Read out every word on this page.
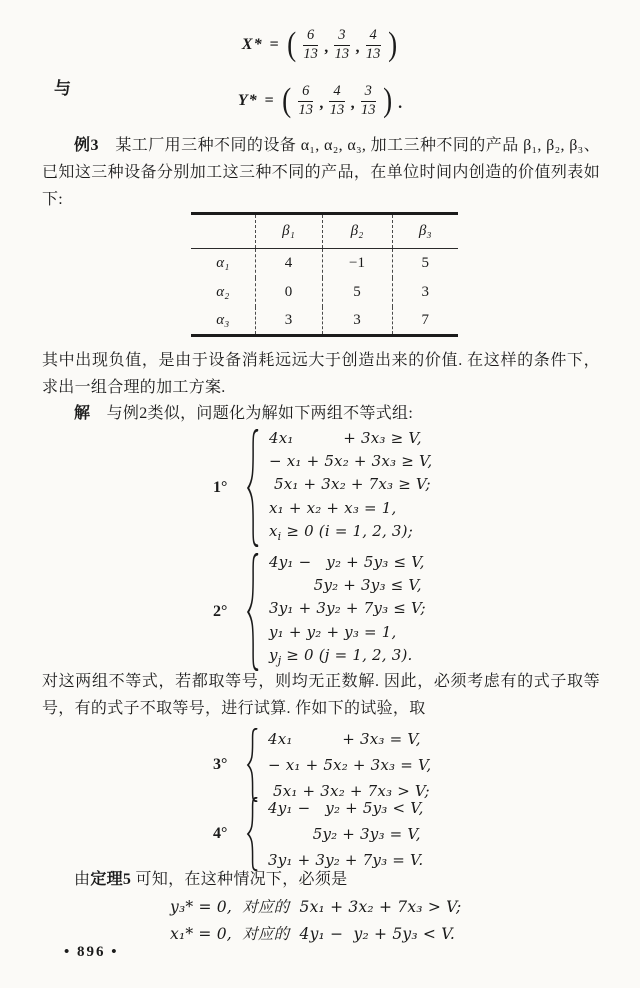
X* = ( $\frac{6}{13}$ , $\frac{3}{13}$ , $\frac{4}{13}$ )
与
Y* = ( $\frac{6}{13}$ , $\frac{4}{13}$ , $\frac{3}{13}$ ) .

例3　某工厂用三种不同的设备 α₁, α₂, α₃, 加工三种不同的产品 β₁, β₂, β₃、 已知这三种设备分别加工这三种不同的产品，在单位时间内创造的价值列表如下:

	β₁	β₂	β₃
α₁	4	−1	5
α₂	0	5	3
α₃	3	3	7

其中出现负值，是由于设备消耗远远大于创造出来的价值. 在这样的条件下，求出一组合理的加工方案.

解　与例2类似，问题化为解如下两组不等式组:

1°
4x₁          + 3x₃ ≥ V,
− x₁ + 5x₂ + 3x₃ ≥ V,
5x₁ + 3x₂ + 7x₃ ≥ V;
x₁ + x₂ + x₃ = 1,
$x_i \ge 0$ (i = 1, 2, 3);
2°
4y₁ −   y₂ + 5y₃ ≤ V,
5y₂ + 3y₃ ≤ V,
3y₁ + 3y₂ + 7y₃ ≤ V;
y₁ + y₂ + y₃ = 1,
$y_j \ge 0$ (j = 1, 2, 3).

对这两组不等式，若都取等号，则均无正数解. 因此，必须考虑有的式子取等号，有的式子不取等号，进行试算. 作如下的试验，取

3°
4x₁          + 3x₃ = V,
− x₁ + 5x₂ + 3x₃ = V,
5x₁ + 3x₂ + 7x₃ > V;
4°
4y₁ −   y₂ + 5y₃ < V,
5y₂ + 3y₃ = V,
3y₁ + 3y₂ + 7y₃ = V.

由定理5 可知，在这种情况下，必须是

y₃* = 0,  对应的  5x₁ + 3x₂ + 7x₃ > V;
x₁* = 0,  对应的  4y₁ −  y₂ + 5y₃ < V.
• 896 •
